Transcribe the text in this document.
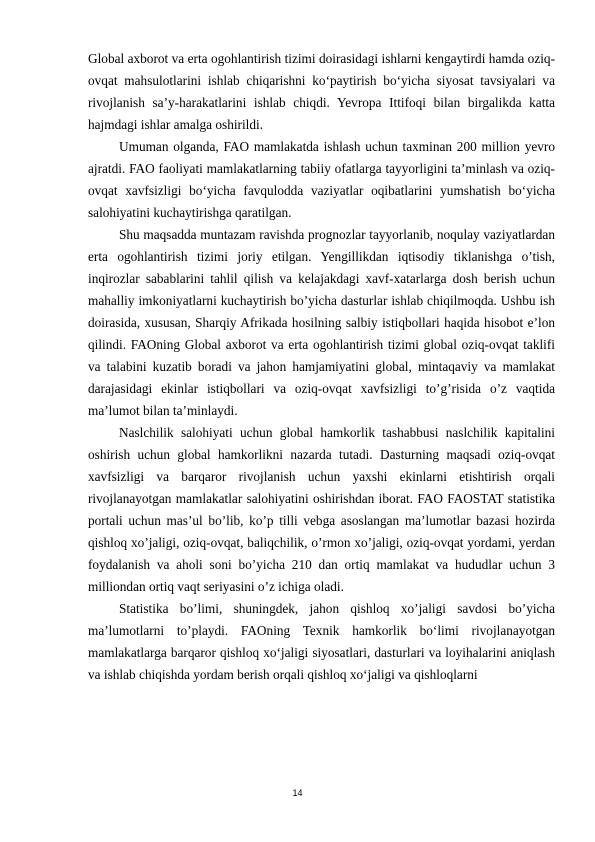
Global axborot va erta ogohlantirish tizimi doirasidagi ishlarni kengaytirdi hamda oziq-ovqat mahsulotlarini ishlab chiqarishni koʻpaytirish boʻyicha siyosat tavsiyalari va rivojlanish saʼy-harakatlarini ishlab chiqdi. Yevropa Ittifoqi bilan birgalikda katta hajmdagi ishlar amalga oshirildi.

Umuman olganda, FAO mamlakatda ishlash uchun taxminan 200 million yevro ajratdi. FAO faoliyati mamlakatlarning tabiiy ofatlarga tayyorligini taʼminlash va oziq-ovqat xavfsizligi boʻyicha favqulodda vaziyatlar oqibatlarini yumshatish boʻyicha salohiyatini kuchaytirishga qaratilgan.

Shu maqsadda muntazam ravishda prognozlar tayyorlanib, noqulay vaziyatlardan erta ogohlantirish tizimi joriy etilgan. Yengillikdan iqtisodiy tiklanishga o’tish, inqirozlar sabablarini tahlil qilish va kelajakdagi xavf-xatarlarga dosh berish uchun mahalliy imkoniyatlarni kuchaytirish bo’yicha dasturlar ishlab chiqilmoqda. Ushbu ish doirasida, xususan, Sharqiy Afrikada hosilning salbiy istiqbollari haqida hisobot e’lon qilindi. FAOning Global axborot va erta ogohlantirish tizimi global oziq-ovqat taklifi va talabini kuzatib boradi va jahon hamjamiyatini global, mintaqaviy va mamlakat darajasidagi ekinlar istiqbollari va oziq-ovqat xavfsizligi to’g’risida o’z vaqtida ma’lumot bilan ta’minlaydi.

Naslchilik salohiyati uchun global hamkorlik tashabbusi naslchilik kapitalini oshirish uchun global hamkorlikni nazarda tutadi. Dasturning maqsadi oziq-ovqat xavfsizligi va barqaror rivojlanish uchun yaxshi ekinlarni etishtirish orqali rivojlanayotgan mamlakatlar salohiyatini oshirishdan iborat. FAO FAOSTAT statistika portali uchun mas’ul bo’lib, ko’p tilli vebga asoslangan ma’lumotlar bazasi hozirda qishloq xo’jaligi, oziq-ovqat, baliqchilik, o’rmon xo’jaligi, oziq-ovqat yordami, yerdan foydalanish va aholi soni bo’yicha 210 dan ortiq mamlakat va hududlar uchun 3 milliondan ortiq vaqt seriyasini o’z ichiga oladi.

Statistika bo’limi, shuningdek, jahon qishloq xo’jaligi savdosi bo’yicha ma’lumotlarni to’playdi. FAOning Texnik hamkorlik boʻlimi rivojlanayotgan mamlakatlarga barqaror qishloq xoʻjaligi siyosatlari, dasturlari va loyihalarini aniqlash va ishlab chiqishda yordam berish orqali qishloq xoʻjaligi va qishloqlarni

14
